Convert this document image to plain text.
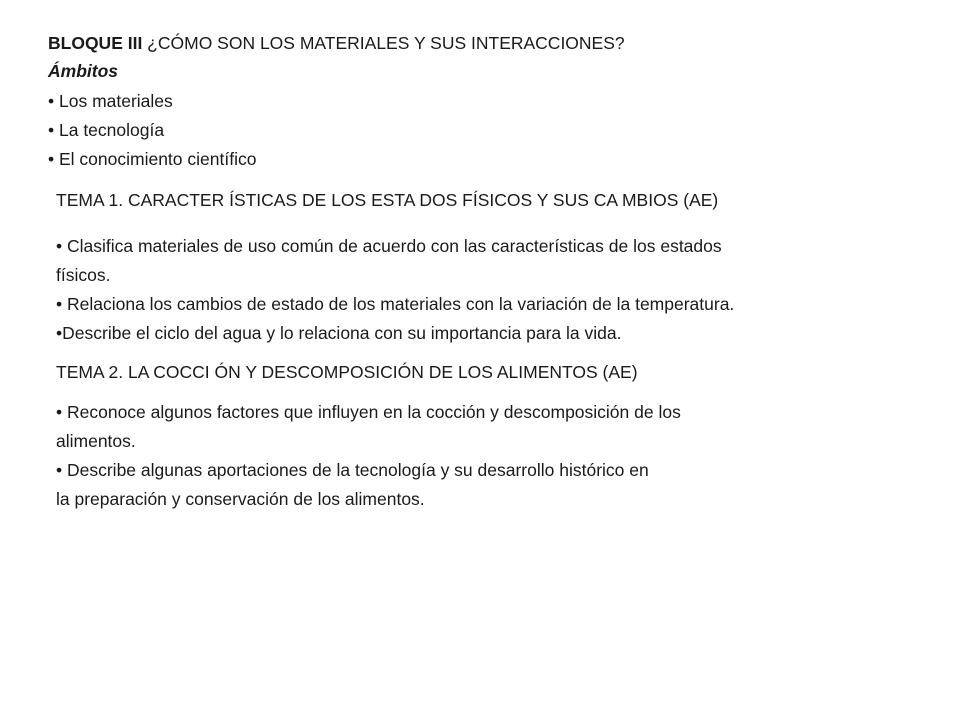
BLOQUE III ¿CÓMO SON LOS MATERIALES Y SUS INTERACCIONES?
Ámbitos
• Los materiales
• La tecnología
• El conocimiento científico
TEMA 1. CARACTER ÍSTICAS DE LOS ESTA DOS FÍSICOS Y SUS CA MBIOS (AE)
• Clasifica materiales de uso común de acuerdo con las características de los estados
físicos.
• Relaciona los cambios de estado de los materiales con la variación de la temperatura.
•Describe el ciclo del agua y lo relaciona con su importancia para la vida.
TEMA 2. LA COCCI ÓN Y DESCOMPOSICIÓN DE LOS ALIMENTOS (AE)
• Reconoce algunos factores que influyen en la cocción y descomposición de los
alimentos.
• Describe algunas aportaciones de la tecnología y su desarrollo histórico en
la preparación y conservación de los alimentos.
